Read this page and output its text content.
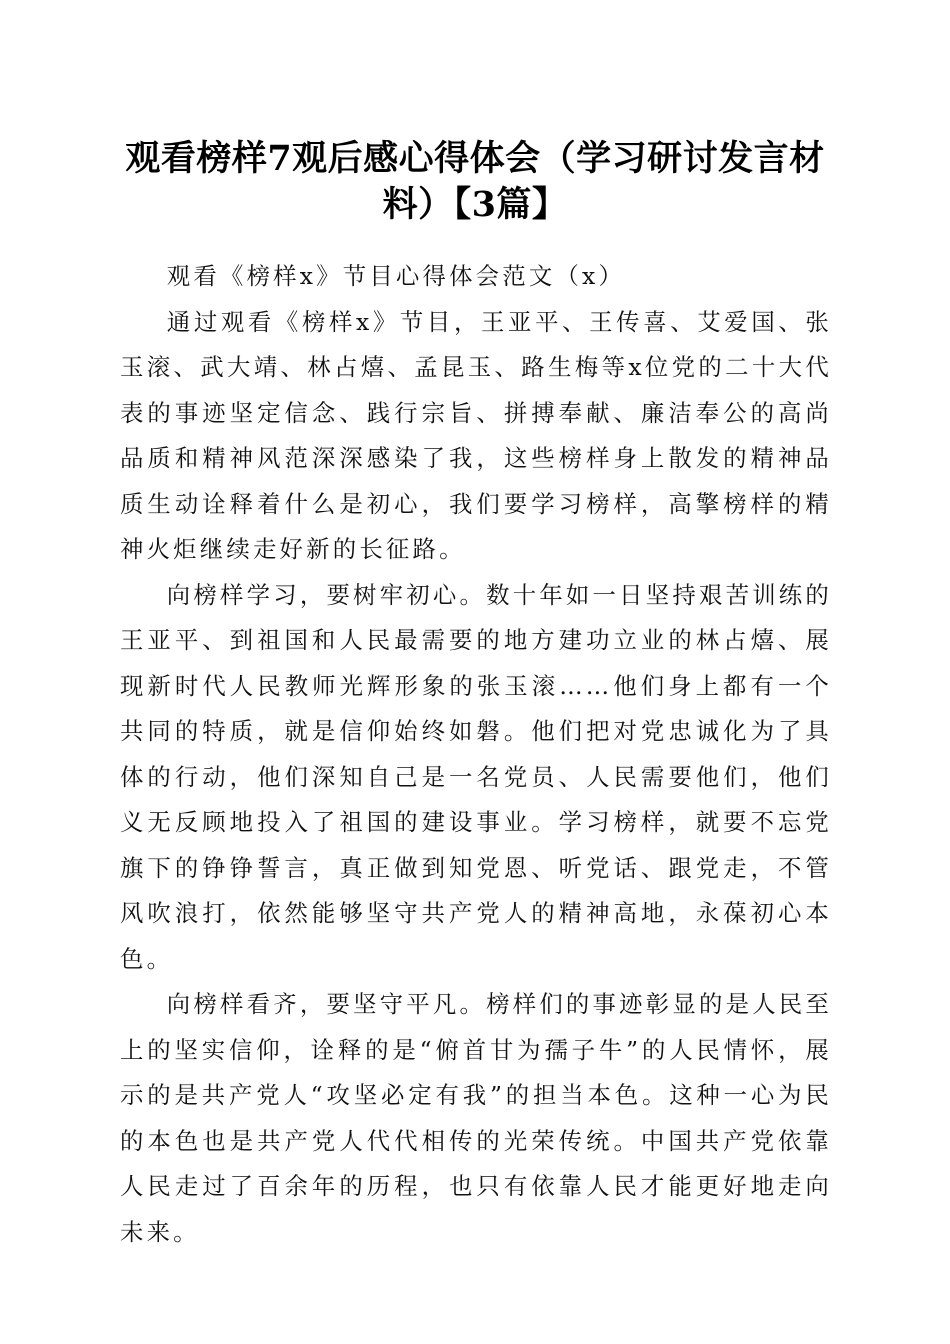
观看榜样7观后感心得体会（学习研讨发言材料）【3篇】

观看《榜样x》节目心得体会范文（x）

通过观看《榜样x》节目，王亚平、王传喜、艾爱国、张玉滚、武大靖、林占熺、孟昆玉、路生梅等x位党的二十大代表的事迹坚定信念、践行宗旨、拼搏奉献、廉洁奉公的高尚品质和精神风范深深感染了我，这些榜样身上散发的精神品质生动诠释着什么是初心，我们要学习榜样，高擎榜样的精神火炬继续走好新的长征路。

向榜样学习，要树牢初心。数十年如一日坚持艰苦训练的王亚平、到祖国和人民最需要的地方建功立业的林占熺、展现新时代人民教师光辉形象的张玉滚……他们身上都有一个共同的特质，就是信仰始终如磐。他们把对党忠诚化为了具体的行动，他们深知自己是一名党员、人民需要他们，他们义无反顾地投入了祖国的建设事业。学习榜样，就要不忘党旗下的铮铮誓言，真正做到知党恩、听党话、跟党走，不管风吹浪打，依然能够坚守共产党人的精神高地，永葆初心本色。

向榜样看齐，要坚守平凡。榜样们的事迹彰显的是人民至上的坚实信仰，诠释的是“俯首甘为孺子牛”的人民情怀，展示的是共产党人“攻坚必定有我”的担当本色。这种一心为民的本色也是共产党人代代相传的光荣传统。中国共产党依靠人民走过了百余年的历程，也只有依靠人民才能更好地走向未来。
